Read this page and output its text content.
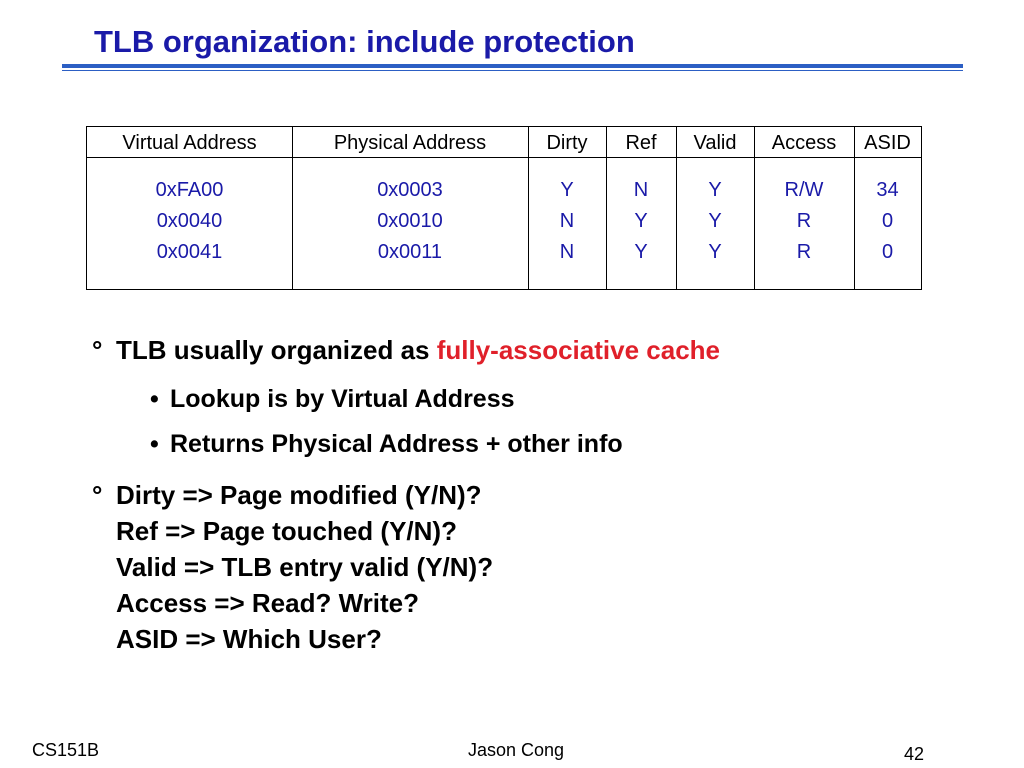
TLB organization: include protection
Virtual Address	Physical Address	Dirty	Ref	Valid	Access	ASID
0xFA00	0x0003	Y	N	Y	R/W	34
0x0040	0x0010	N	Y	Y	R	0
0x0041	0x0011	N	Y	Y	R	0
° TLB usually organized as fully-associative cache
• Lookup is by Virtual Address
• Returns Physical Address + other info
° Dirty => Page modified (Y/N)?
Ref => Page touched (Y/N)?
Valid => TLB entry valid (Y/N)?
Access => Read? Write?
ASID => Which User?
CS151B	Jason Cong	42
